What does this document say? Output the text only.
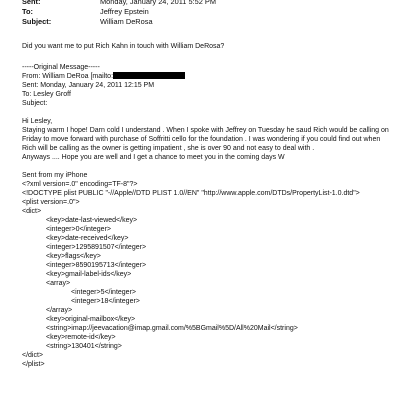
Sent:	Monday, January 24, 2011 5:52 PM
To:	Jeffrey Epstein
Subject:	William DeRosa
Did you want me to put Rich Kahn in touch with William DeRosa?
-----Original Message-----
From: William DeRoa [mailto:
Sent: Monday, January 24, 2011 12:15 PM
To: Lesley Groff
Subject:
Hi Lesley,
Staying warm I hope! Darn cold I understand . When I spoke with Jeffrey on Tuesday he saud Rich would be calling on
Friday to move forward with purchase of Soffritti cello for the foundation . I was wondering if you could find out when
Rich will be calling as the owner is getting impatient , she is over 90 and not easy to deal with .
Anyways .... Hope you are well and I get a chance to meet you in the coming days W
Sent from my iPhone
<?xml version=.0" encoding=TF-8"?>
<!DOCTYPE plist PUBLIC "-//Apple//DTD PLIST 1.0//EN" "http://www.apple.com/DTDs/PropertyList-1.0.dtd">
<plist version=.0">
<dict>
<key>date-last-viewed</key>
<integer>0</integer>
<key>date-received</key>
<integer>1295891507</integer>
<key>flags</key>
<integer>8590195713</integer>
<key>gmail-label-ids</key>
<array>
<integer>5</integer>
<integer>18</integer>
</array>
<key>original-mailbox</key>
<string>imap://jeevacation@imap.gmail.com/%5BGmail%5D/All%20Mail</string>
<key>remote-id</key>
<string>130401</string>
</dict>
</plist>
